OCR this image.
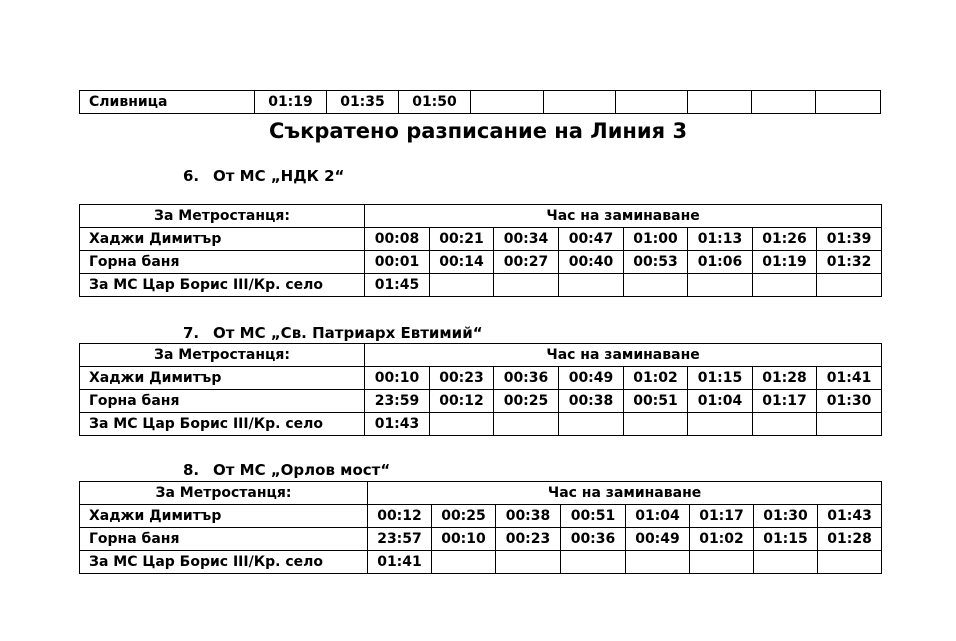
Сливница	01:19	01:35	01:50						
Съкратено разписание на Линия 3
6. От МС „НДК 2“
За Метростанця:	Час на заминаване							
Хаджи Димитър	00:08	00:21	00:34	00:47	01:00	01:13	01:26	01:39
Горна баня	00:01	00:14	00:27	00:40	00:53	01:06	01:19	01:32
За МС Цар Борис III/Кр. село	01:45							
7. От МС „Св. Патриарх Евтимий“
За Метростанця:	Час на заминаване							
Хаджи Димитър	00:10	00:23	00:36	00:49	01:02	01:15	01:28	01:41
Горна баня	23:59	00:12	00:25	00:38	00:51	01:04	01:17	01:30
За МС Цар Борис III/Кр. село	01:43							
8. От МС „Орлов мост“
За Метростанця:	Час на заминаване							
Хаджи Димитър	00:12	00:25	00:38	00:51	01:04	01:17	01:30	01:43
Горна баня	23:57	00:10	00:23	00:36	00:49	01:02	01:15	01:28
За МС Цар Борис III/Кр. село	01:41							
